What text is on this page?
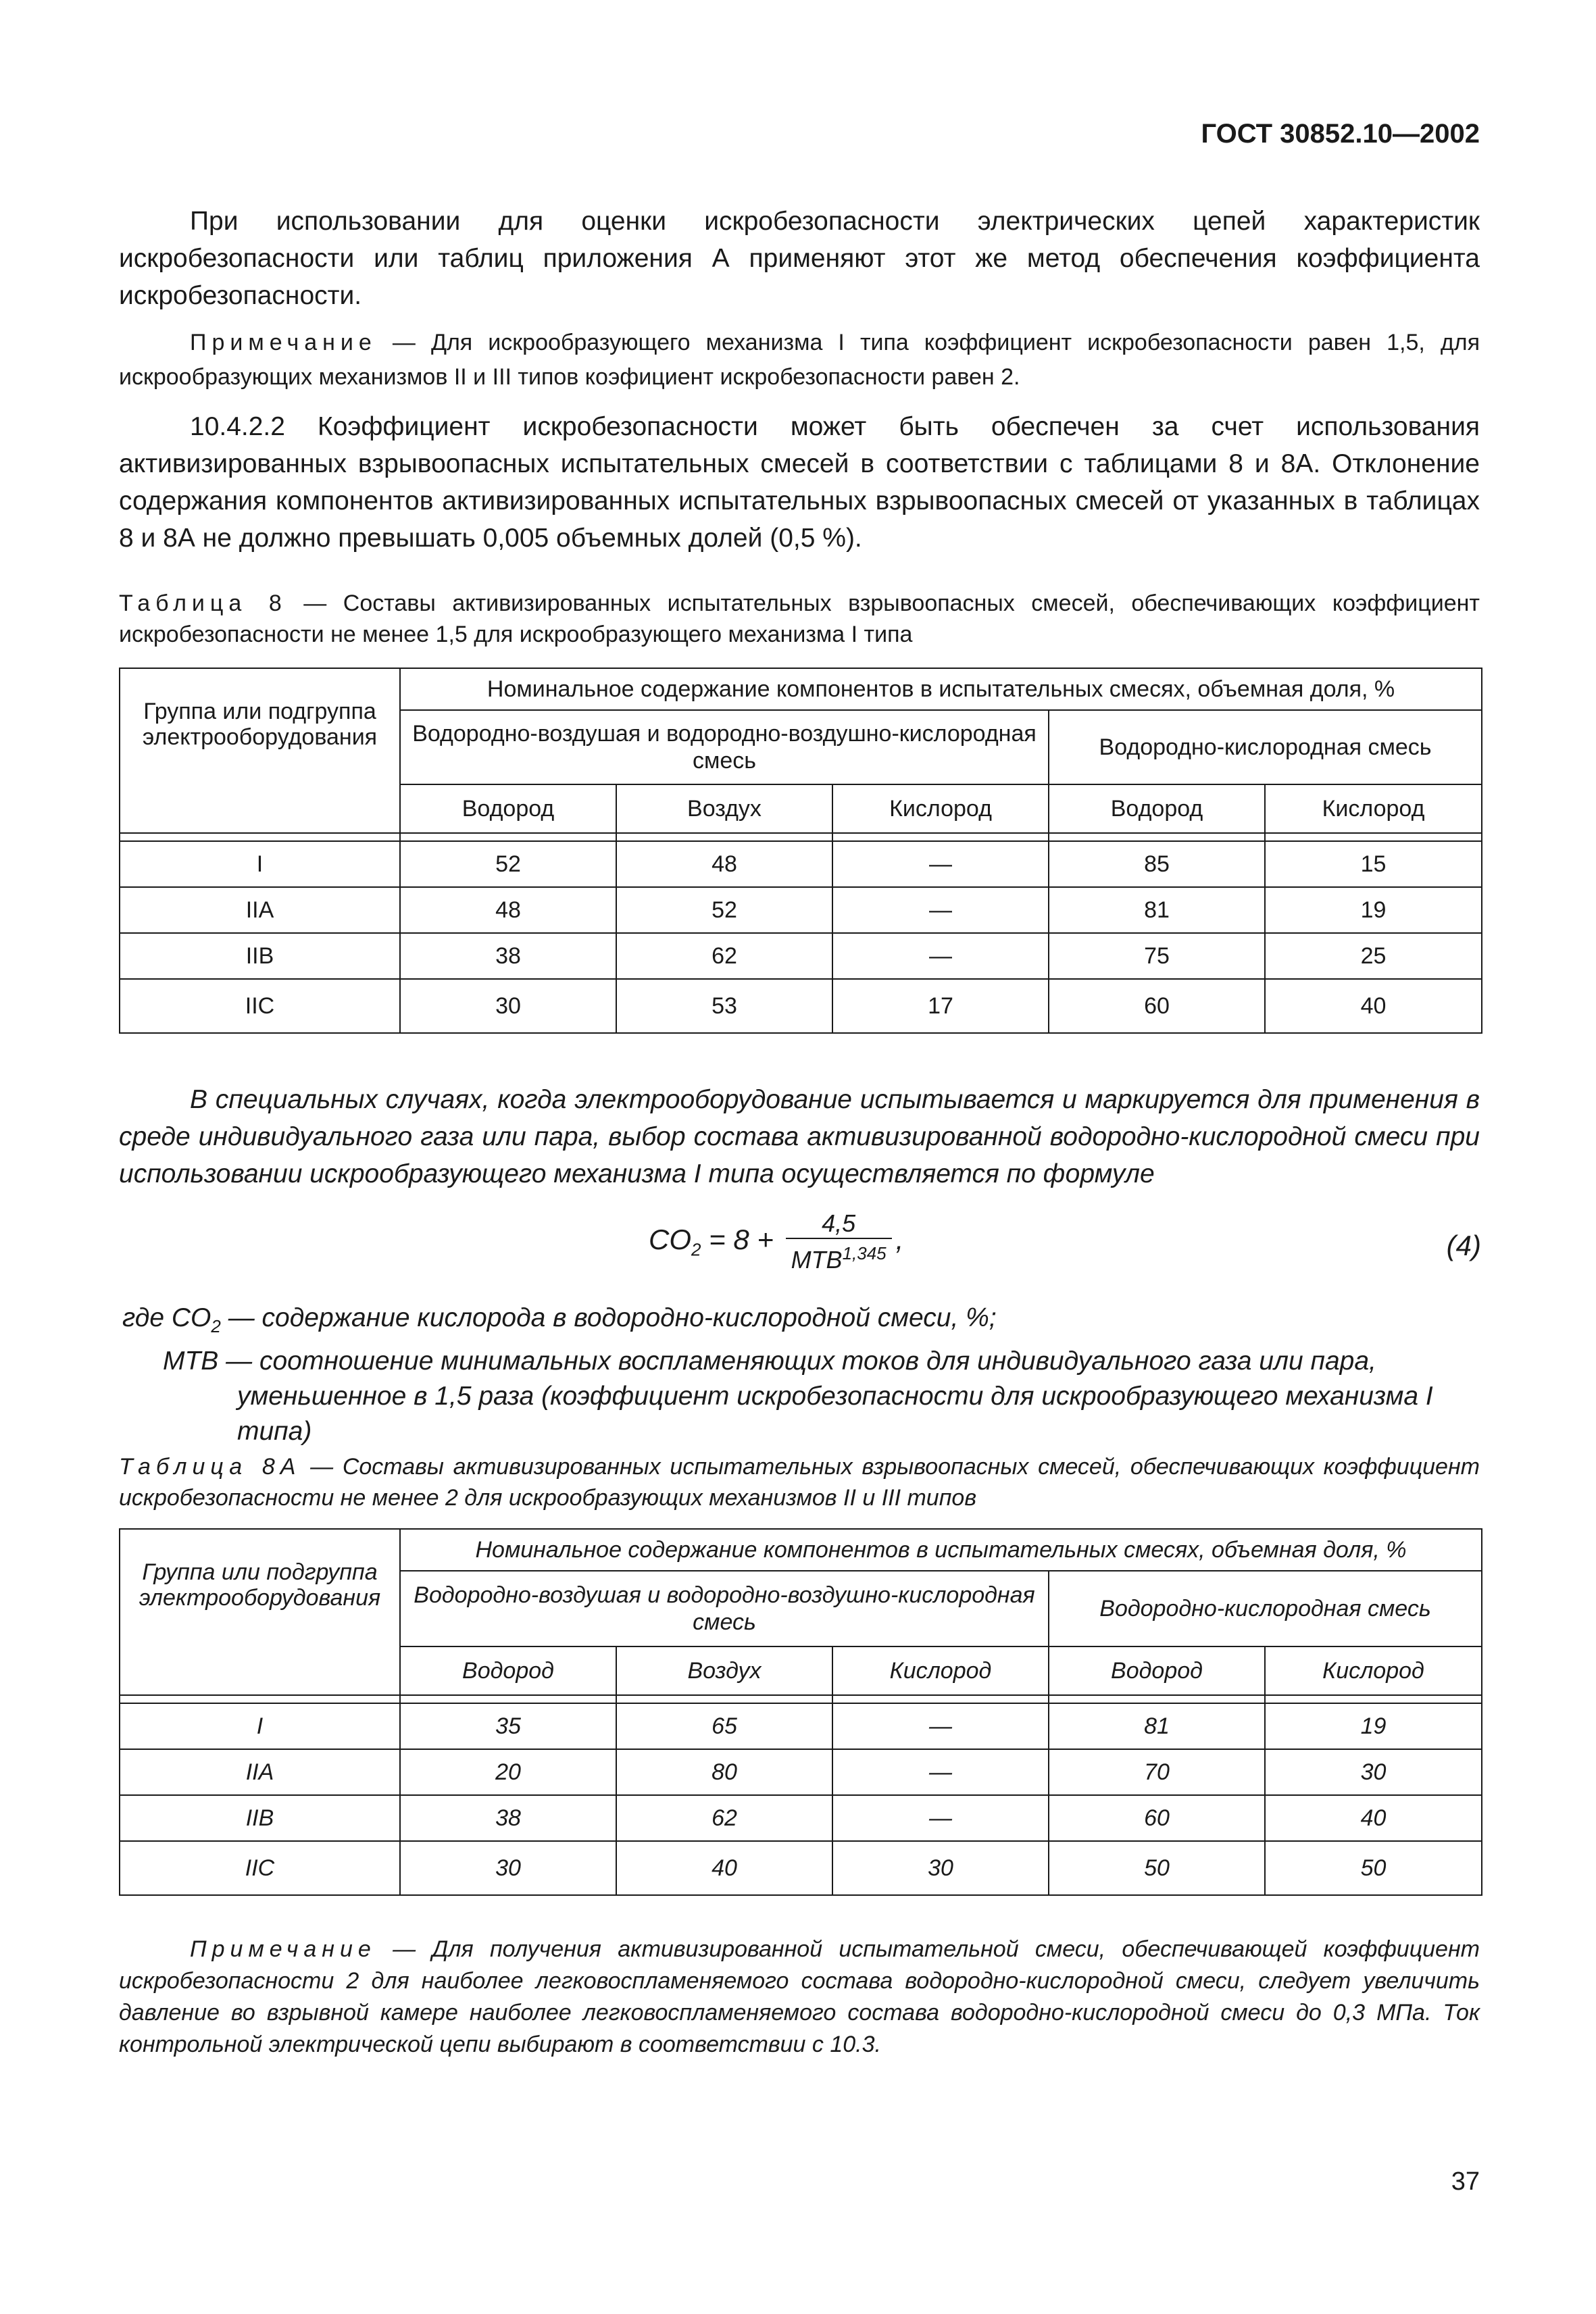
ГОСТ 30852.10—2002

При использовании для оценки искробезопасности электрических цепей характеристик искробезопасности или таблиц приложения А применяют этот же метод обеспечения коэффициента искробезопасности.

Примечание — Для искрообразующего механизма I типа коэффициент искробезопасности равен 1,5, для искрообразующих механизмов II и III типов коэфициент искробезопасности равен 2.

10.4.2.2 Коэффициент искробезопасности может быть обеспечен за счет использования активизированных взрывоопасных испытательных смесей в соответствии с таблицами 8 и 8А. Отклонение содержания компонентов активизированных испытательных взрывоопасных смесей от указанных в таблицах 8 и 8А не должно превышать 0,005 объемных долей (0,5 %).

Таблица 8 — Составы активизированных испытательных взрывоопасных смесей, обеспечивающих коэффициент искробезопасности не менее 1,5 для искрообразующего механизма I типа

Группа или подгруппа электрооборудования	Номинальное содержание компонентов в испытательных смесях, объемная доля, %				
	Водородно-воздушая и водородно-воздушно-кислородная смесь			Водородно-кислородная смесь	
	Водород	Воздух	Кислород	Водород	Кислород

I	52	48	—	85	15
IIA	48	52	—	81	19
IIB	38	62	—	75	25
IIC	30	53	17	60	40

В специальных случаях, когда электрооборудование испытывается и маркируется для применения в среде индивидуального газа или пара, выбор состава активизированной водородно-кислородной смеси при использовании искрообразующего механизма I типа осуществляется по формуле

$CO_2 = 8 + \frac{4,5}{MTB^{1,345}}$ ,	(4)
где $CO_2$ — содержание кислорода в водородно-кислородной смеси, %;
MTB — соотношение минимальных воспламеняющих токов для индивидуального газа или пара, уменьшенное в 1,5 раза (коэффициент искробезопасности для искрообразующего механизма I типа)

Таблица 8А — Составы активизированных испытательных взрывоопасных смесей, обеспечивающих коэффициент искробезопасности не менее 2 для искрообразующих механизмов II и III типов

Группа или подгруппа электрооборудования	Номинальное содержание компонентов в испытательных смесях, объемная доля, %				
	Водородно-воздушая и водородно-воздушно-кислородная смесь			Водородно-кислородная смесь	
	Водород	Воздух	Кислород	Водород	Кислород

I	35	65	—	81	19
IIA	20	80	—	70	30
IIB	38	62	—	60	40
IIC	30	40	30	50	50

Примечание — Для получения активизированной испытательной смеси, обеспечивающей коэффициент искробезопасности 2 для наиболее легковоспламеняемого состава водородно-кислородной смеси, следует увеличить давление во взрывной камере наиболее легковоспламеняемого состава водородно-кислородной смеси до 0,3 МПа. Ток контрольной электрической цепи выбирают в соответствии с 10.3.

37
